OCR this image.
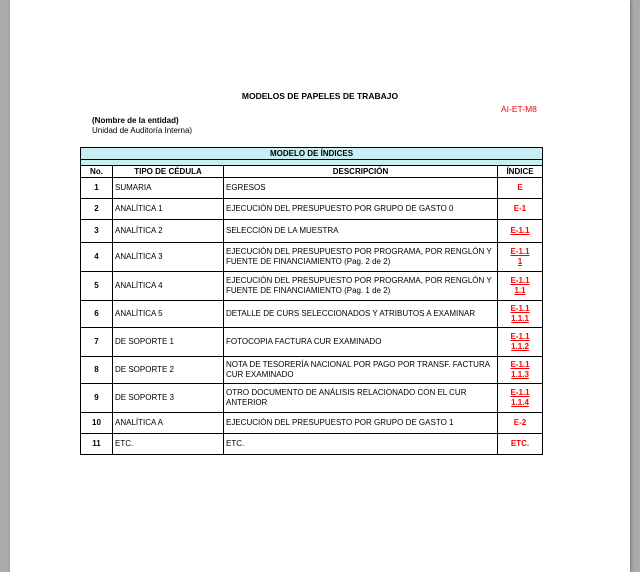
MODELOS DE PAPELES DE TRABAJO
AI-ET-M8
(Nombre de la entidad)
Unidad de Auditoría Interna)
MODELO DE ÍNDICES			

No.	TIPO DE CÉDULA	DESCRIPCIÓN	ÍNDICE
1	SUMARIA	EGRESOS	E

2	ANALÍTICA 1	EJECUCIÓN DEL PRESUPUESTO POR GRUPO DE GASTO 0	E-1

3	ANALÍTICA 2	SELECCIÓN DE LA MUESTRA	E-1.1

4	ANALÍTICA 3	EJECUCIÓN DEL PRESUPUESTO POR PROGRAMA, POR RENGLÓN Y FUENTE DE FINANCIAMIENTO (Pag. 2 de 2)	E-1.1
1

5	ANALÍTICA 4	EJECUCIÓN DEL PRESUPUESTO POR PROGRAMA, POR RENGLÓN Y FUENTE DE FINANCIAMIENTO (Pag. 1 de 2)	E-1.1
1.1

6	ANALÍTICA 5	DETALLE DE CURS SELECCIONADOS Y ATRIBUTOS A EXAMINAR	E-1.1
1.1.1

7	DE SOPORTE 1	FOTOCOPIA FACTURA CUR EXAMINADO	E-1.1
1.1.2

8	DE SOPORTE 2	NOTA DE TESORERÍA NACIONAL POR PAGO POR TRANSF. FACTURA CUR EXAMINADO	E-1.1
1.1.3

9	DE SOPORTE 3	OTRO DOCUMENTO DE ANÁLISIS RELACIONADO CON EL CUR ANTERIOR	E-1.1
1.1.4

10	ANALÍTICA A	EJECUCIÓN DEL PRESUPUESTO POR GRUPO DE GASTO 1	E-2

11	ETC.	ETC.	ETC.
